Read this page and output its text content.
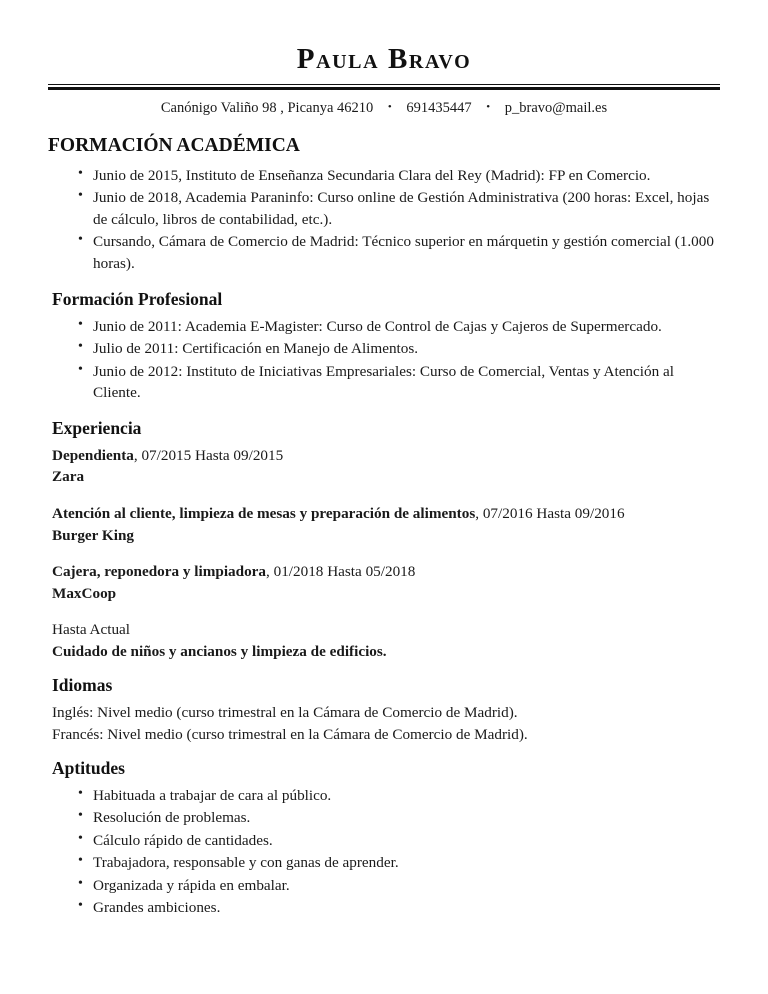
Paula Bravo
Canónigo Valiño 98 , Picanya 46210 • 691435447 • p_bravo@mail.es
FORMACIÓN ACADÉMICA
• Junio de 2015, Instituto de Enseñanza Secundaria Clara del Rey (Madrid): FP en Comercio.
• Junio de 2018, Academia Paraninfo: Curso online de Gestión Administrativa (200 horas: Excel, hojas de cálculo, libros de contabilidad, etc.).
• Cursando, Cámara de Comercio de Madrid: Técnico superior en márquetin y gestión comercial (1.000 horas).
Formación Profesional
• Junio de 2011: Academia E-Magister: Curso de Control de Cajas y Cajeros de Supermercado.
• Julio de 2011: Certificación en Manejo de Alimentos.
• Junio de 2012: Instituto de Iniciativas Empresariales: Curso de Comercial, Ventas y Atención al Cliente.
Experiencia
Dependienta, 07/2015 Hasta 09/2015
Zara
Atención al cliente, limpieza de mesas y preparación de alimentos, 07/2016 Hasta 09/2016
Burger King
Cajera, reponedora y limpiadora, 01/2018 Hasta 05/2018
MaxCoop
Hasta Actual
Cuidado de niños y ancianos y limpieza de edificios.
Idiomas
Inglés: Nivel medio (curso trimestral en la Cámara de Comercio de Madrid).
Francés: Nivel medio (curso trimestral en la Cámara de Comercio de Madrid).
Aptitudes
• Habituada a trabajar de cara al público.
• Resolución de problemas.
• Cálculo rápido de cantidades.
• Trabajadora, responsable y con ganas de aprender.
• Organizada y rápida en embalar.
• Grandes ambiciones.
